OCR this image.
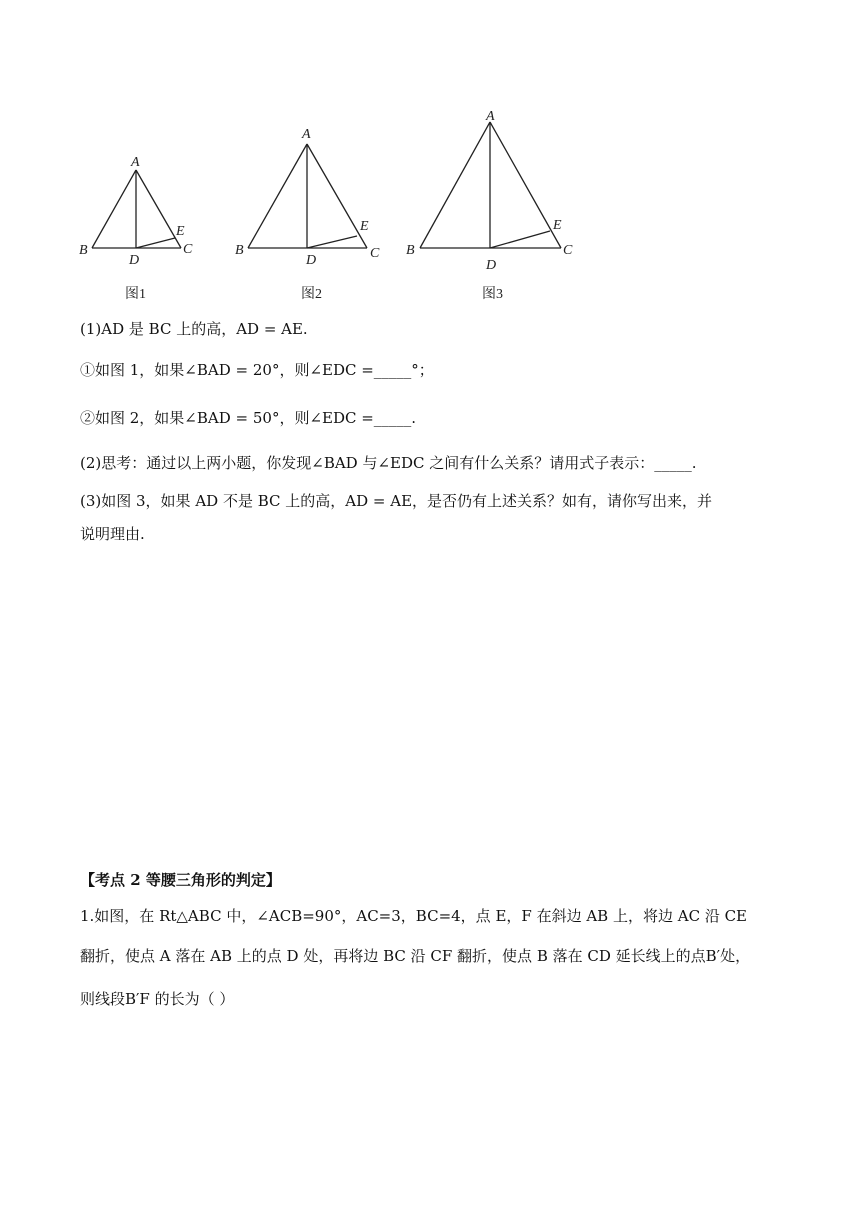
A
B	C
D
E
图1
A
B	C
D
E
图2
A
B	C
D
E
图3
(1)AD 是 BC 上的高，AD = AE.
①如图 1，如果∠BAD = 20°，则∠EDC =_____°；
②如图 2，如果∠BAD = 50°，则∠EDC =_____.
(2)思考：通过以上两小题，你发现∠BAD 与∠EDC 之间有什么关系？请用式子表示：_____.
(3)如图 3，如果 AD 不是 BC 上的高，AD = AE，是否仍有上述关系？如有，请你写出来，并
说明理由.
【考点 2 等腰三角形的判定】
1.如图，在 Rt△ABC 中，∠ACB=90°，AC=3，BC=4，点 E，F 在斜边 AB 上，将边 AC 沿 CE
翻折，使点 A 落在 AB 上的点 D 处，再将边 BC 沿 CF 翻折，使点 B 落在 CD 延长线上的点B′处，
则线段B′F 的长为（ ）
